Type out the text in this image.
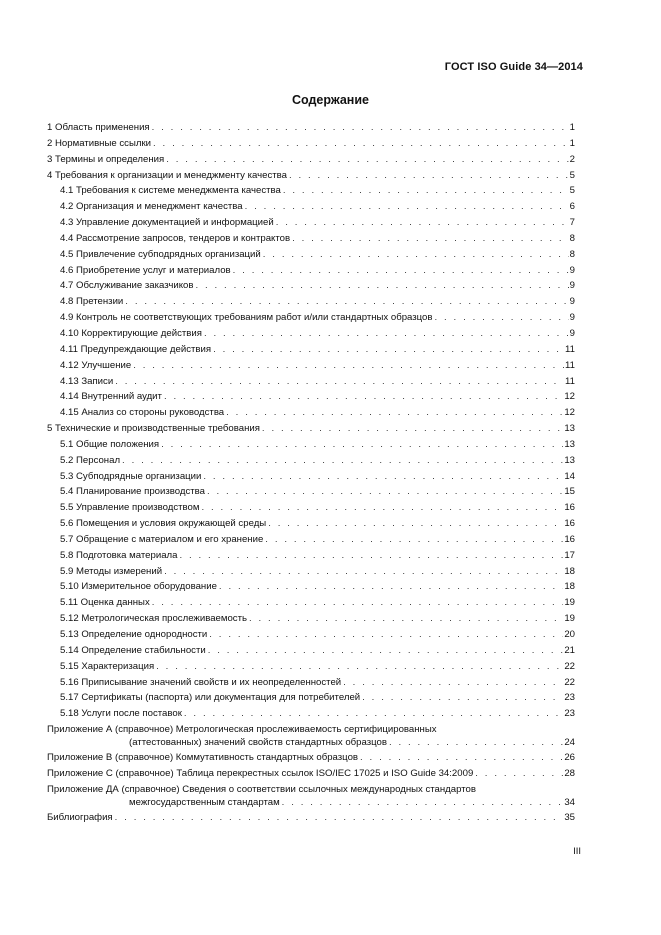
ГОСТ ISO Guide 34—2014
Содержание
1 Область применения . . .	1
2 Нормативные ссылки . . .	1
3 Термины и определения . . .	2
4 Требования к организации и менеджменту качества . . .	5
4.1 Требования к системе менеджмента качества . . .	5
4.2 Организация и менеджмент качества . . .	6
4.3 Управление документацией и информацией . . .	7
4.4 Рассмотрение запросов, тендеров и контрактов . . .	8
4.5 Привлечение субподрядных организаций . . .	8
4.6 Приобретение услуг и материалов . . .	9
4.7 Обслуживание заказчиков . . .	9
4.8 Претензии . . .	9
4.9 Контроль не соответствующих требованиям работ и/или стандартных образцов . . .	9
4.10 Корректирующие действия . . .	9
4.11 Предупреждающие действия . . .	11
4.12 Улучшение . . .	11
4.13 Записи . . .	11
4.14 Внутренний аудит . . .	12
4.15 Анализ со стороны руководства . . .	12
5 Технические и производственные требования . . .	13
5.1 Общие положения . . .	13
5.2 Персонал . . .	13
5.3 Субподрядные организации . . .	14
5.4 Планирование производства . . .	15
5.5 Управление производством . . .	16
5.6 Помещения и условия окружающей среды . . .	16
5.7 Обращение с материалом и его хранение . . .	16
5.8 Подготовка материала . . .	17
5.9 Методы измерений . . .	18
5.10 Измерительное оборудование . . .	18
5.11 Оценка данных . . .	19
5.12 Метрологическая прослеживаемость . . .	19
5.13 Определение однородности . . .	20
5.14 Определение стабильности . . .	21
5.15 Характеризация . . .	22
5.16 Приписывание значений свойств и их неопределенностей . . .	22
5.17 Сертификаты (паспорта) или документация для потребителей . . .	23
5.18 Услуги после поставок . . .	23
Приложение А (справочное) Метрологическая прослеживаемость сертифицированных
(аттестованных) значений свойств стандартных образцов . . .	24
Приложение В (справочное) Коммутативность стандартных образцов . . .	26
Приложение С (справочное) Таблица перекрестных ссылок ISO/IEC 17025 и ISO Guide 34:2009 . . .	28
Приложение ДА (справочное) Сведения о соответствии ссылочных международных стандартов
межгосударственным стандартам . . .	34
Библиография . . .	35
III
